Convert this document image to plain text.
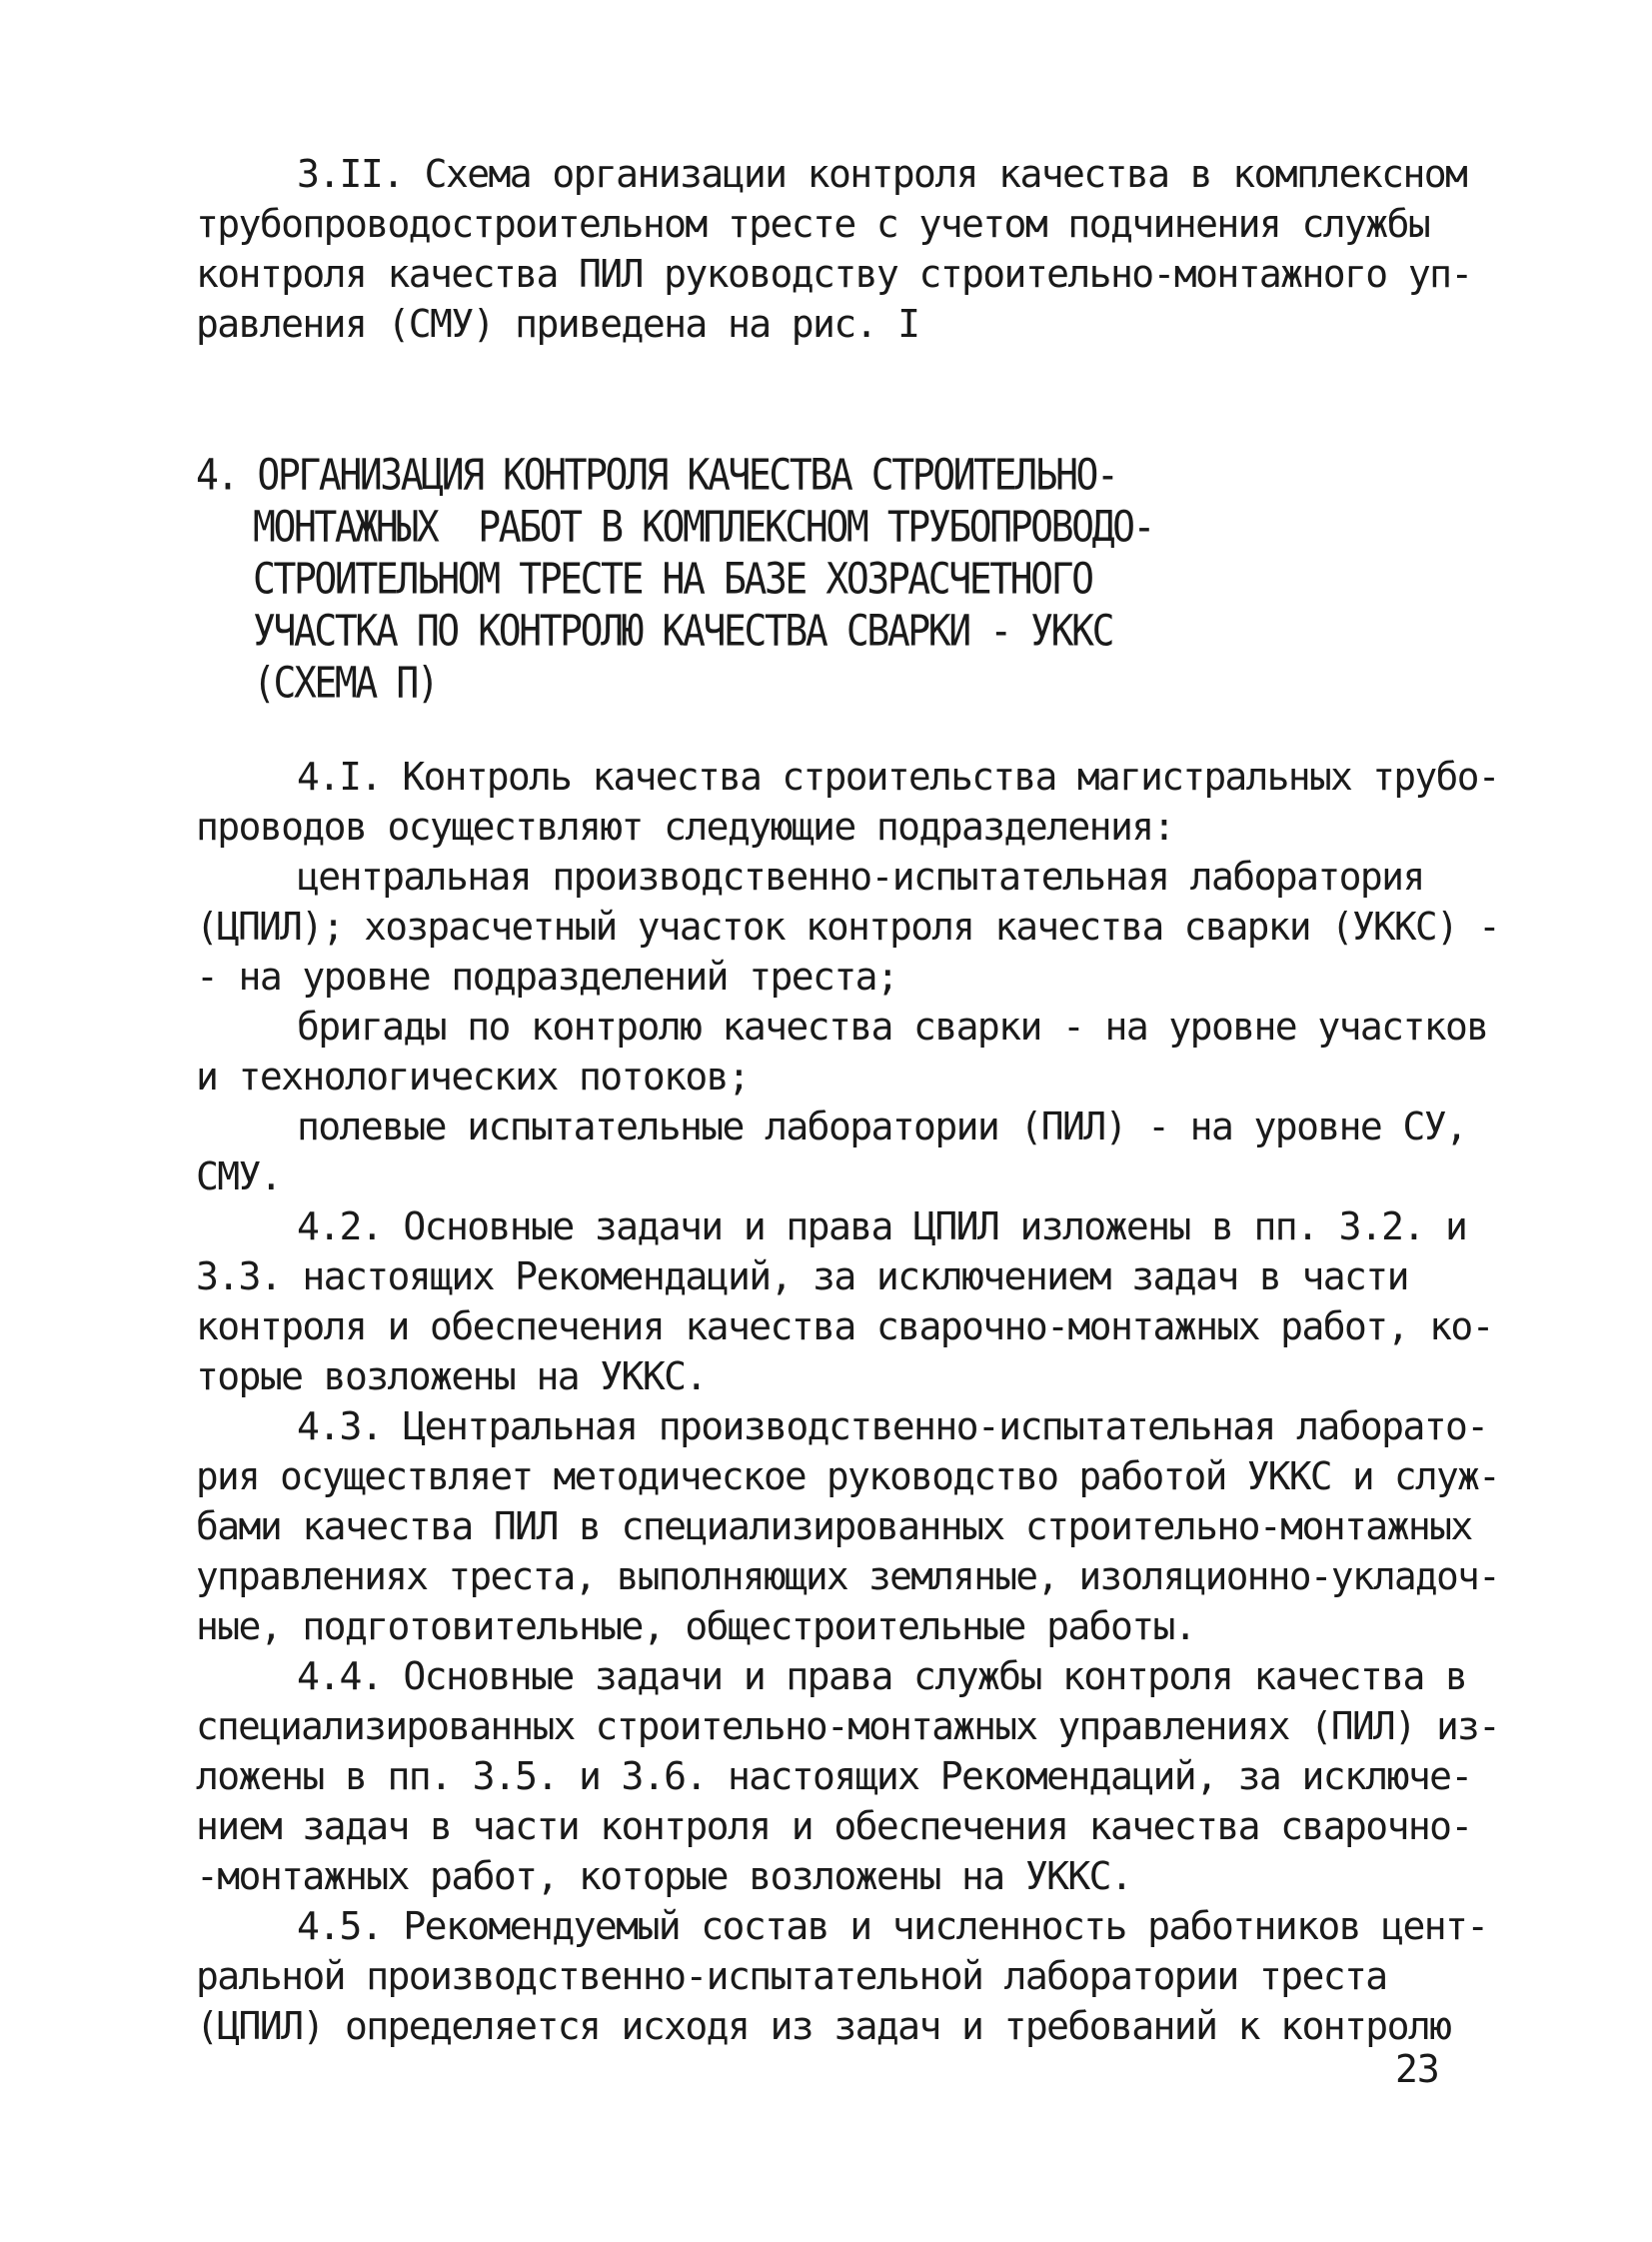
3.II. Схема организации контроля качества в комплексном
трубопроводостроительном тресте с учетом подчинения службы
контроля качества ПИЛ руководству строительно-монтажного уп-
равления (СМУ) приведена на рис. I
4. ОРГАНИЗАЦИЯ КОНТРОЛЯ КАЧЕСТВА СТРОИТЕЛЬНО-
МОНТАЖНЫХ  РАБОТ В КОМПЛЕКСНОМ ТРУБОПРОВОДО-
СТРОИТЕЛЬНОМ ТРЕСТЕ НА БАЗЕ ХОЗРАСЧЕТНОГО
УЧАСТКА ПО КОНТРОЛЮ КАЧЕСТВА СВАРКИ - УККС
(СХЕМА П)
4.I. Контроль качества строительства магистральных трубо-
проводов осуществляют следующие подразделения:
центральная производственно-испытательная лаборатория
(ЦПИЛ); хозрасчетный участок контроля качества сварки (УККС) -
- на уровне подразделений треста;
бригады по контролю качества сварки - на уровне участков
и технологических потоков;
полевые испытательные лаборатории (ПИЛ) - на уровне СУ,
СМУ.
4.2. Основные задачи и права ЦПИЛ изложены в пп. 3.2. и
3.3. настоящих Рекомендаций, за исключением задач в части
контроля и обеспечения качества сварочно-монтажных работ, ко-
торые возложены на УККС.
4.3. Центральная производственно-испытательная лаборато-
рия осуществляет методическое руководство работой УККС и служ-
бами качества ПИЛ в специализированных строительно-монтажных
управлениях треста, выполняющих земляные, изоляционно-укладоч-
ные, подготовительные, общестроительные работы.
4.4. Основные задачи и права службы контроля качества в
специализированных строительно-монтажных управлениях (ПИЛ) из-
ложены в пп. 3.5. и 3.6. настоящих Рекомендаций, за исключе-
нием задач в части контроля и обеспечения качества сварочно-
-монтажных работ, которые возложены на УККС.
4.5. Рекомендуемый состав и численность работников цент-
ральной производственно-испытательной лаборатории треста
(ЦПИЛ) определяется исходя из задач и требований к контролю
23
